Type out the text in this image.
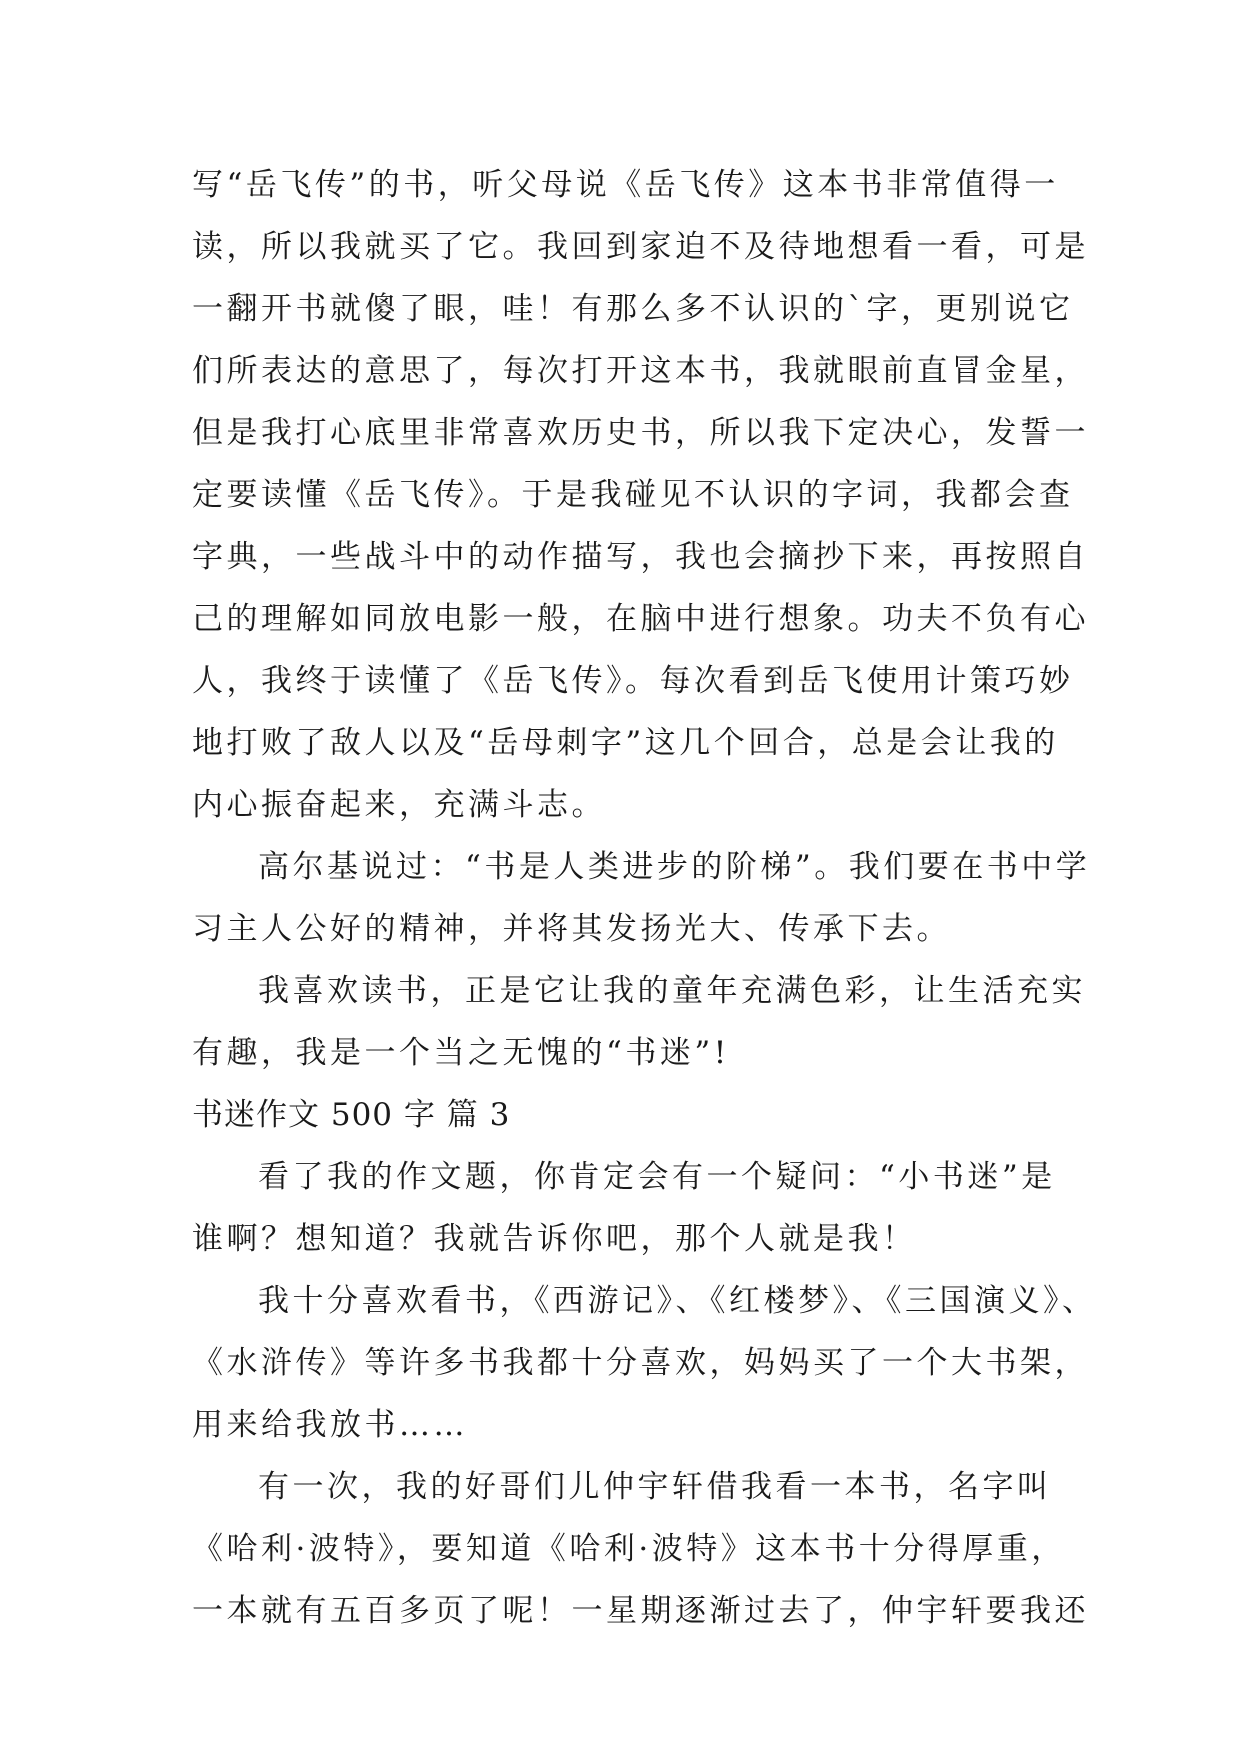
写“岳飞传”的书，听父母说《岳飞传》这本书非常值得一
读，所以我就买了它。我回到家迫不及待地想看一看，可是
一翻开书就傻了眼，哇！有那么多不认识的`字，更别说它
们所表达的意思了，每次打开这本书，我就眼前直冒金星，
但是我打心底里非常喜欢历史书，所以我下定决心，发誓一
定要读懂《岳飞传》。于是我碰见不认识的字词，我都会查
字典，一些战斗中的动作描写，我也会摘抄下来，再按照自
己的理解如同放电影一般，在脑中进行想象。功夫不负有心
人，我终于读懂了《岳飞传》。每次看到岳飞使用计策巧妙
地打败了敌人以及“岳母刺字”这几个回合，总是会让我的
内心振奋起来，充满斗志。
高尔基说过：“书是人类进步的阶梯”。我们要在书中学
习主人公好的精神，并将其发扬光大、传承下去。
我喜欢读书，正是它让我的童年充满色彩，让生活充实
有趣，我是一个当之无愧的“书迷”!
书迷作文 500 字 篇 3
看了我的作文题，你肯定会有一个疑问：“小书迷”是
谁啊？想知道？我就告诉你吧，那个人就是我！
我十分喜欢看书，《西游记》、《红楼梦》、《三国演义》、
《水浒传》等许多书我都十分喜欢，妈妈买了一个大书架，
用来给我放书……
有一次，我的好哥们儿仲宇轩借我看一本书，名字叫
《哈利·波特》，要知道《哈利·波特》这本书十分得厚重，
一本就有五百多页了呢！一星期逐渐过去了，仲宇轩要我还
